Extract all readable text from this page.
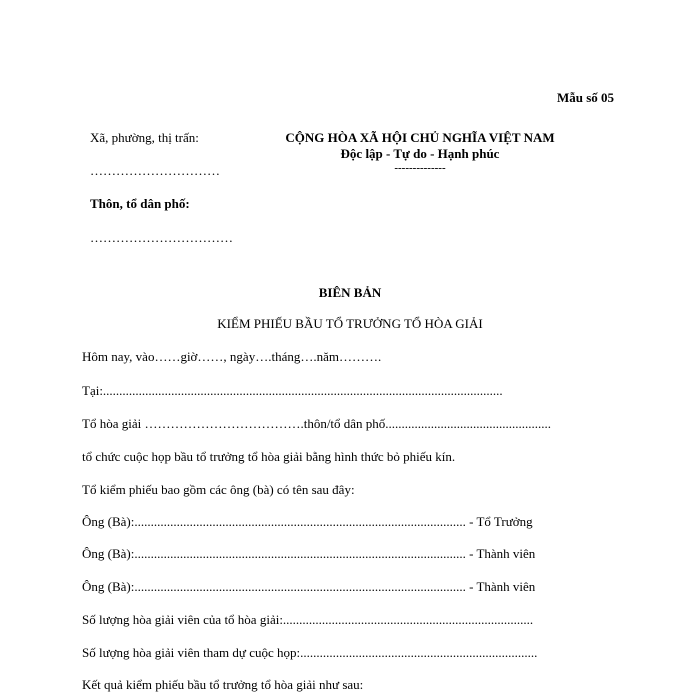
Mẫu số 05
Xã, phường, thị trấn:
…………………………
Thôn, tổ dân phố:
……………………………
CỘNG HÒA XÃ HỘI CHỦ NGHĨA VIỆT NAM
Độc lập - Tự do - Hạnh phúc
--------------
BIÊN BẢN
KIỂM PHIẾU BẦU TỔ TRƯỞNG TỔ HÒA GIẢI
Hôm nay, vào……giờ……, ngày….tháng….năm……….
Tại:...........................................................................................................................
Tổ hòa giải ……………………………….thôn/tổ dân phố...................................................
tổ chức cuộc họp bầu tổ trưởng tổ hòa giải bằng hình thức bỏ phiếu kín.
Tổ kiểm phiếu bao gồm các ông (bà) có tên sau đây:
Ông (Bà):...................................................................................................... - Tổ Trưởng
Ông (Bà):...................................................................................................... - Thành viên
Ông (Bà):...................................................................................................... - Thành viên
Số lượng hòa giải viên của tổ hòa giải:.............................................................................
Số lượng hòa giải viên tham dự cuộc họp:.........................................................................
Kết quả kiểm phiếu bầu tổ trưởng tổ hòa giải như sau:
